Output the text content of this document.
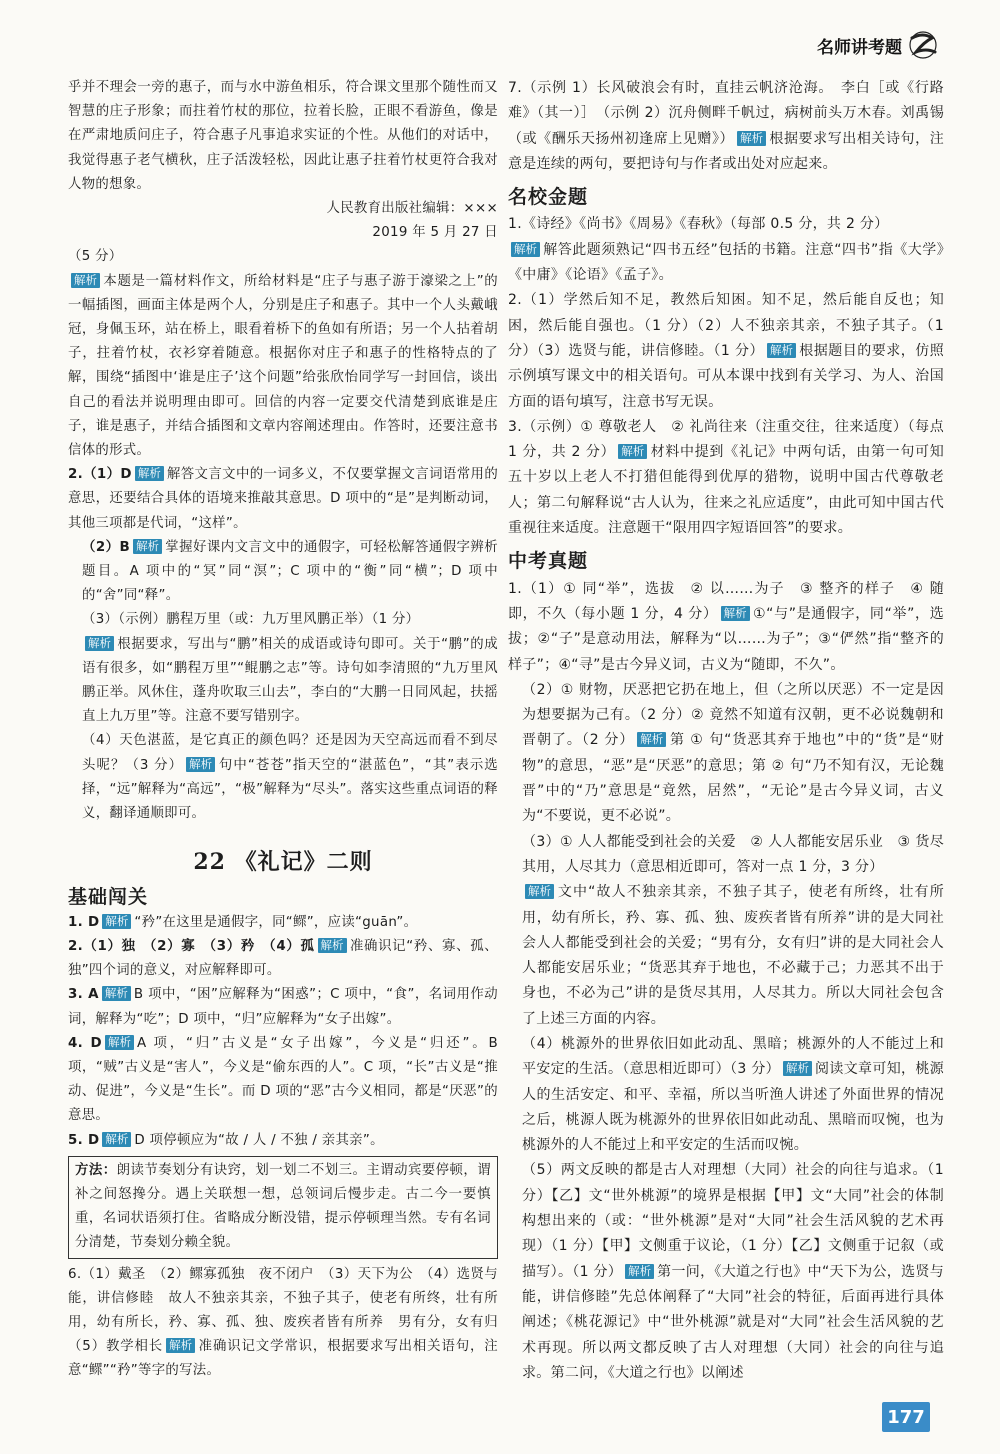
名师讲考题

乎并不理会一旁的惠子，而与水中游鱼相乐，符合课文里那个随性而又智慧的庄子形象；而拄着竹杖的那位，拉着长脸，正眼不看游鱼，像是在严肃地质问庄子，符合惠子凡事追求实证的个性。从他们的对话中，我觉得惠子老气横秋，庄子活泼轻松，因此让惠子拄着竹杖更符合我对人物的想象。

人民教育出版社编辑：×××

2019 年 5 月 27 日

（5 分）

解析 本题是一篇材料作文，所给材料是“庄子与惠子游于濠梁之上”的一幅插图，画面主体是两个人，分别是庄子和惠子。其中一个人头戴峨冠，身佩玉环，站在桥上，眼看着桥下的鱼如有所语；另一个人拈着胡子，拄着竹杖，衣衫穿着随意。根据你对庄子和惠子的性格特点的了解，围绕“插图中‘谁是庄子’这个问题”给张欣怡同学写一封回信，谈出自己的看法并说明理由即可。回信的内容一定要交代清楚到底谁是庄子，谁是惠子，并结合插图和文章内容阐述理由。作答时，还要注意书信体的形式。

2.（1）D 解析 解答文言文中的一词多义，不仅要掌握文言词语常用的意思，还要结合具体的语境来推敲其意思。D 项中的“是”是判断动词，其他三项都是代词，“这样”。

（2）B 解析 掌握好课内文言文中的通假字，可轻松解答通假字辨析题目。A 项中的“冥”同“溟”；C 项中的“衡”同“横”；D 项中的“舍”同“释”。

（3）（示例）鹏程万里（或：九万里风鹏正举）（1 分）
解析 根据要求，写出与“鹏”相关的成语或诗句即可。关于“鹏”的成语有很多，如“鹏程万里”“鲲鹏之志”等。诗句如李清照的“九万里风鹏正举。风休住，蓬舟吹取三山去”，李白的“大鹏一日同风起，扶摇直上九万里”等。注意不要写错别字。

（4）天色湛蓝，是它真正的颜色吗？还是因为天空高远而看不到尽头呢？（3 分） 解析 句中“苍苍”指天空的“湛蓝色”，“其”表示选择，“远”解释为“高远”，“极”解释为“尽头”。落实这些重点词语的释义，翻译通顺即可。

22 《礼记》二则
基础闯关

1. D 解析 “矜”在这里是通假字，同“鳏”，应读“guān”。

2.（1）独　（2）寡　（3）矜　（4）孤 解析 准确识记“矜、寡、孤、独”四个词的意义，对应解释即可。

3. A 解析 B 项中，“困”应解释为“困惑”；C 项中，“食”，名词用作动词，解释为“吃”；D 项中，“归”应解释为“女子出嫁”。

4. D 解析 A 项，“归”古义是“女子出嫁”，今义是“归还”。B 项，“贼”古义是“害人”，今义是“偷东西的人”。C 项，“长”古义是“推动、促进”，今义是“生长”。而 D 项的“恶”古今义相同，都是“厌恶”的意思。

5. D 解析 D 项停顿应为“故 / 人 / 不独 / 亲其亲”。

方法：朗读节奏划分有诀窍，划一划二不划三。主谓动宾要停顿，谓补之间怒搀分。遇上关联想一想，总领词后慢步走。古二今一要慎重，名词状语须打住。省略成分断没错，提示停顿理当然。专有名词分清楚，节奏划分赖全貌。

6.（1）戴圣　（2）鳏寡孤独　夜不闭户　（3）天下为公　（4）选贤与能，讲信修睦　故人不独亲其亲，不独子其子，使老有所终，壮有所用，幼有所长，矜、寡、孤、独、废疾者皆有所养　男有分，女有归　（5）教学相长 解析 准确识记文学常识，根据要求写出相关语句，注意“鳏”“矜”等字的写法。

7.（示例 1）长风破浪会有时，直挂云帆济沧海。　李白［或《行路难》（其一）］　（示例 2）沉舟侧畔千帆过，病树前头万木春。刘禹锡（或《酬乐天扬州初逢席上见赠》） 解析 根据要求写出相关诗句，注意是连续的两句，要把诗句与作者或出处对应起来。

名校金题

1.《诗经》《尚书》《周易》《春秋》（每部 0.5 分，共 2 分）
解析 解答此题须熟记“四书五经”包括的书籍。注意“四书”指《大学》《中庸》《论语》《孟子》。

2.（1）学然后知不足，教然后知困。知不足，然后能自反也；知困，然后能自强也。（1 分）（2）人不独亲其亲，不独子其子。（1 分）（3）选贤与能，讲信修睦。（1 分） 解析 根据题目的要求，仿照示例填写课文中的相关语句。可从本课中找到有关学习、为人、治国方面的语句填写，注意书写无误。

3.（示例）① 尊敬老人　② 礼尚往来（注重交往，往来适度）（每点 1 分，共 2 分） 解析 材料中提到《礼记》中两句话，由第一句可知五十岁以上老人不打猎但能得到优厚的猎物，说明中国古代尊敬老人；第二句解释说“古人认为，往来之礼应适度”，由此可知中国古代重视往来适度。注意题干“限用四字短语回答”的要求。

中考真题

1.（1）① 同“举”，选拔　② 以……为子　③ 整齐的样子　④ 随即，不久（每小题 1 分，4 分） 解析 ①“与”是通假字，同“举”，选拔；②“子”是意动用法，解释为“以……为子”；③“俨然”指“整齐的样子”；④“寻”是古今异义词，古义为“随即，不久”。

（2）① 财物，厌恶把它扔在地上，但（之所以厌恶）不一定是因为想要据为己有。（2 分）② 竟然不知道有汉朝，更不必说魏朝和晋朝了。（2 分） 解析 第 ① 句“货恶其弃于地也”中的“货”是“财物”的意思，“恶”是“厌恶”的意思；第 ② 句“乃不知有汉，无论魏晋”中的“乃”意思是“竟然，居然”，“无论”是古今异义词，古义为“不要说，更不必说”。

（3）① 人人都能受到社会的关爱　② 人人都能安居乐业　③ 货尽其用，人尽其力（意思相近即可，答对一点 1 分，3 分）
解析 文中“故人不独亲其亲，不独子其子，使老有所终，壮有所用，幼有所长，矜、寡、孤、独、废疾者皆有所养”讲的是大同社会人人都能受到社会的关爱；“男有分，女有归”讲的是大同社会人人都能安居乐业；“货恶其弃于地也，不必藏于己；力恶其不出于身也，不必为己”讲的是货尽其用，人尽其力。所以大同社会包含了上述三方面的内容。

（4）桃源外的世界依旧如此动乱、黑暗；桃源外的人不能过上和平安定的生活。（意思相近即可）（3 分） 解析 阅读文章可知，桃源人的生活安定、和平、幸福，所以当听渔人讲述了外面世界的情况之后，桃源人既为桃源外的世界依旧如此动乱、黑暗而叹惋，也为桃源外的人不能过上和平安定的生活而叹惋。

（5）两文反映的都是古人对理想（大同）社会的向往与追求。（1 分）【乙】文“世外桃源”的境界是根据【甲】文“大同”社会的体制构想出来的（或：“世外桃源”是对“大同”社会生活风貌的艺术再现）（1 分）【甲】文侧重于议论，（1 分）【乙】文侧重于记叙（或描写）。（1 分） 解析 第一问，《大道之行也》中“天下为公，选贤与能，讲信修睦”先总体阐释了“大同”社会的特征，后面再进行具体阐述；《桃花源记》中“世外桃源”就是对“大同”社会生活风貌的艺术再现。所以两文都反映了古人对理想（大同）社会的向往与追求。第二问，《大道之行也》以阐述

177
